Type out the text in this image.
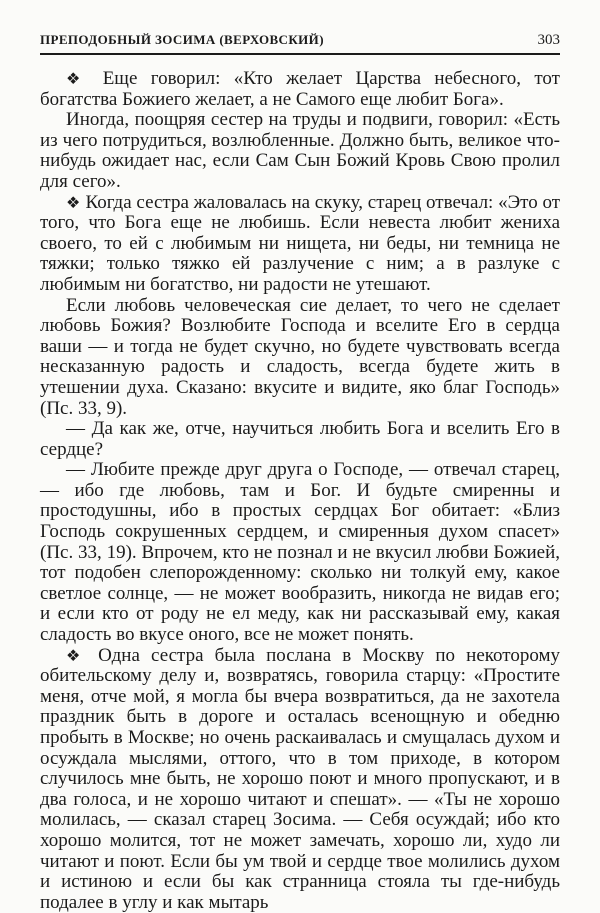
ПРЕПОДОБНЫЙ ЗОСИМА (ВЕРХОВСКИЙ)	303

❖ Еще говорил: «Кто желает Царства небесного, тот богатства Божиего желает, а не Самого еще любит Бога».

Иногда, поощряя сестер на труды и подвиги, говорил: «Есть из чего потрудиться, возлюбленные. Должно быть, великое что-нибудь ожидает нас, если Сам Сын Божий Кровь Свою пролил для сего».

❖ Когда сестра жаловалась на скуку, старец отвечал: «Это от того, что Бога еще не любишь. Если невеста любит жениха своего, то ей с любимым ни нищета, ни беды, ни темница не тяжки; только тяжко ей разлучение с ним; а в разлуке с любимым ни богатство, ни радости не утешают.

Если любовь человеческая сие делает, то чего не сделает любовь Божия? Возлюбите Господа и вселите Его в сердца ваши — и тогда не будет скучно, но будете чувствовать всегда несказанную радость и сладость, всегда будете жить в утешении духа. Сказано: вкусите и видите, яко благ Господь» (Пс. 33, 9).

— Да как же, отче, научиться любить Бога и вселить Его в сердце?

— Любите прежде друг друга о Господе, — отвечал старец, — ибо где любовь, там и Бог. И будьте смиренны и простодушны, ибо в простых сердцах Бог обитает: «Близ Господь сокрушенных сердцем, и смиренныя духом спасет» (Пс. 33, 19). Впрочем, кто не познал и не вкусил любви Божией, тот подобен слепорожденному: сколько ни толкуй ему, какое светлое солнце, — не может вообразить, никогда не видав его; и если кто от роду не ел меду, как ни рассказывай ему, какая сладость во вкусе оного, все не может понять.

❖ Одна сестра была послана в Москву по некоторому обительскому делу и, возвратясь, говорила старцу: «Простите меня, отче мой, я могла бы вчера возвратиться, да не захотела праздник быть в дороге и осталась всенощную и обедню пробыть в Москве; но очень раскаивалась и смущалась духом и осуждала мыслями, оттого, что в том приходе, в котором случилось мне быть, не хорошо поют и много пропускают, и в два голоса, и не хорошо читают и спешат». — «Ты не хорошо молилась, — сказал старец Зосима. — Себя осуждай; ибо кто хорошо молится, тот не может замечать, хорошо ли, худо ли читают и поют. Если бы ум твой и сердце твое молились духом и истиною и если бы как странница стояла ты где-нибудь подалее в углу и как мытарь
